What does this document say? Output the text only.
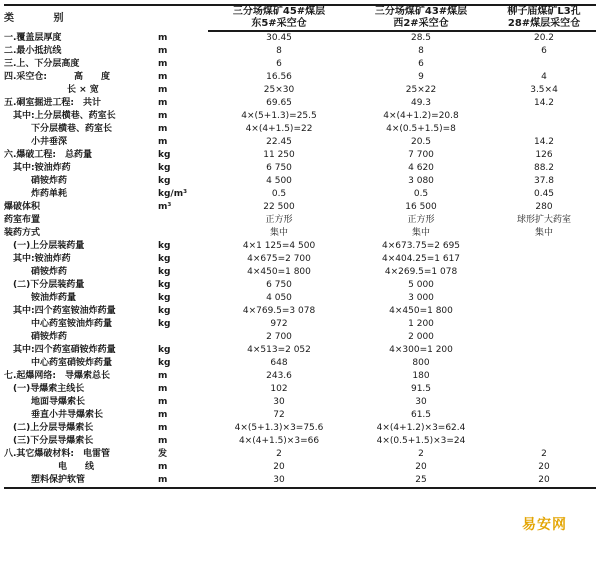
类 别		三分场煤矿45#煤层	三分场煤矿43#煤层	柳子庙煤矿L3孔
		东5#采空仓	西2#采空仓	28#煤层采空仓
一.覆盖层厚度	m	30.45	28.5	20.2
二.最小抵抗线	m	8	8	6
三.上、下分层高度	m	6	6	
四.采空仓:　　　高　　度	m	16.56	9	4
　　　　　　　长 × 宽	m	25×30	25×22	3.5×4
五.硐室掘进工程:　共计	m	69.65	49.3	14.2
　其中:上分层横巷、药室长	m	4×(5+1.3)=25.5	4×(4+1.2)=20.8	
　　　下分层横巷、药室长	m	4×(4+1.5)=22	4×(0.5+1.5)=8	
　　　小井垂深	m	22.45	20.5	14.2
六.爆破工程:　总药量	kg	11 250	7 700	126
　其中:铵油炸药	kg	6 750	4 620	88.2
　　　硝铵炸药	kg	4 500	3 080	37.8
　　　炸药单耗	kg/m³	0.5	0.5	0.45
爆破体积	m³	22 500	16 500	280
药室布置		正方形	正方形	球形扩大药室
装药方式		集中	集中	集中
　(一)上分层装药量	kg	4×1 125=4 500	4×673.75=2 695	
　其中:铵油炸药	kg	4×675=2 700	4×404.25=1 617	
　　　硝铵炸药	kg	4×450=1 800	4×269.5=1 078	
　(二)下分层装药量	kg	6 750	5 000	
　　　铵油炸药量	kg	4 050	3 000	
　其中:四个药室铵油炸药量	kg	4×769.5=3 078	4×450=1 800	
　　　中心药室铵油炸药量	kg	972	1 200	
　　　硝铵炸药		2 700	2 000	
　其中:四个药室硝铵炸药量	kg	4×513=2 052	4×300=1 200	
　　　中心药室硝铵炸药量	kg	648	800	
七.起爆网络:　导爆索总长	m	243.6	180	
　(一)导爆索主线长	m	102	91.5	
　　　地面导爆索长	m	30	30	
　　　垂直小井导爆索长	m	72	61.5	
　(二)上分层导爆索长	m	4×(5+1.3)×3=75.6	4×(4+1.2)×3=62.4	
　(三)下分层导爆索长	m	4×(4+1.5)×3=66	4×(0.5+1.5)×3=24	
八.其它爆破材料:　电雷管	发	2	2	2
　　　　　　电　　线	m	20	20	20
　　　塑料保护软管	m	30	25	20
易安网
